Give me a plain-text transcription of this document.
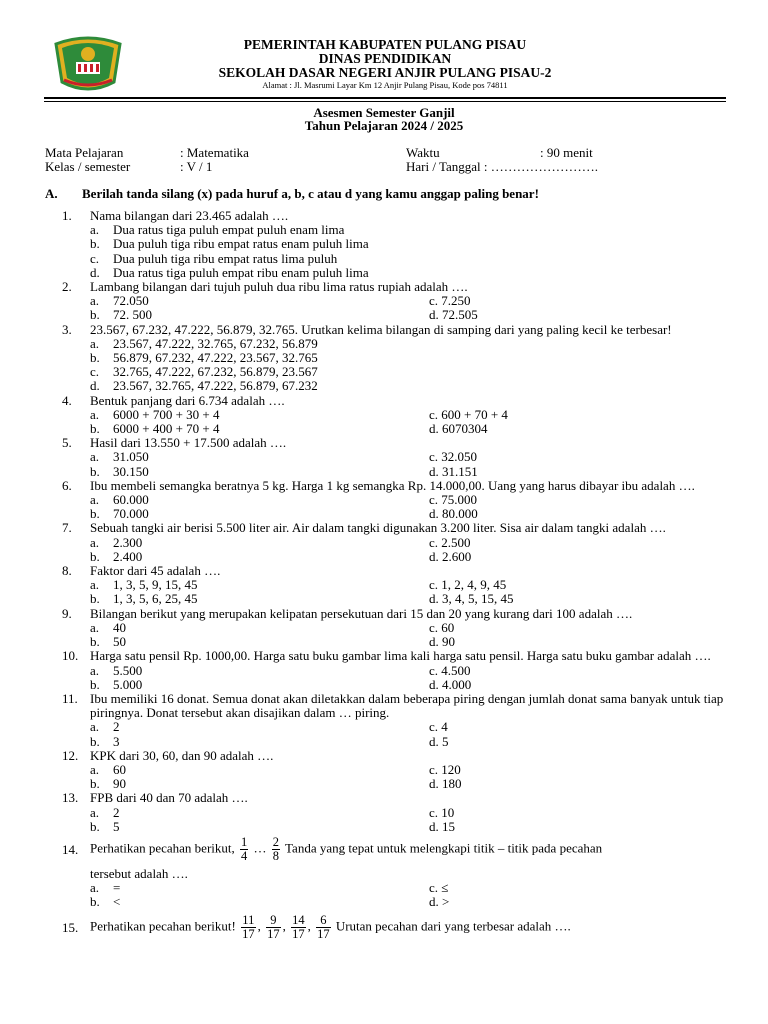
PEMERINTAH KABUPATEN PULANG PISAU
DINAS PENDIDIKAN
SEKOLAH DASAR NEGERI ANJIR PULANG PISAU-2
Alamat : Jl. Masrumi Layar Km 12 Anjir Pulang Pisau, Kode pos 74811
Asesmen Semester Ganjil
Tahun Pelajaran 2024 / 2025
Mata Pelajaran	: Matematika
Kelas / semester	: V / 1
Waktu	: 90 menit
Hari / Tanggal : …………………….
A. Berilah tanda silang (x) pada huruf a, b, c atau d yang kamu anggap paling benar!
1. Nama bilangan dari 23.465 adalah ….
a. Dua ratus tiga puluh empat puluh enam lima
b. Dua puluh tiga ribu empat ratus enam puluh lima
c. Dua puluh tiga ribu empat ratus lima puluh
d. Dua ratus tiga puluh empat ribu enam puluh lima
2. Lambang bilangan dari tujuh puluh dua ribu lima ratus rupiah adalah ….
a. 72.050	c. 7.250
b. 72. 500	d. 72.505
3. 23.567, 67.232, 47.222, 56.879, 32.765. Urutkan kelima bilangan di samping dari yang paling kecil ke terbesar!
a. 23.567, 47.222, 32.765, 67.232, 56.879
b. 56.879, 67.232, 47.222, 23.567, 32.765
c. 32.765, 47.222, 67.232, 56.879, 23.567
d. 23.567, 32.765, 47.222, 56.879, 67.232
4. Bentuk panjang dari 6.734 adalah ….
a. 6000 + 700 + 30 + 4	c. 600 + 70 + 4
b. 6000 + 400 + 70 + 4	d. 6070304
5. Hasil dari 13.550 + 17.500 adalah ….
a. 31.050	c. 32.050
b. 30.150	d. 31.151
6. Ibu membeli semangka beratnya 5 kg. Harga 1 kg semangka Rp. 14.000,00. Uang yang harus dibayar ibu adalah ….
a. 60.000	c. 75.000
b. 70.000	d. 80.000
7. Sebuah tangki air berisi 5.500 liter air. Air dalam tangki digunakan 3.200 liter. Sisa air dalam tangki adalah ….
a. 2.300	c. 2.500
b. 2.400	d. 2.600
8. Faktor dari 45 adalah ….
a. 1, 3, 5, 9, 15, 45	c. 1, 2, 4, 9, 45
b. 1, 3, 5, 6, 25, 45	d. 3, 4, 5, 15, 45
9. Bilangan berikut yang merupakan kelipatan persekutuan dari 15 dan 20 yang kurang dari 100 adalah ….
a. 40	c. 60
b. 50	d. 90
10. Harga satu pensil Rp. 1000,00. Harga satu buku gambar lima kali harga satu pensil. Harga satu buku gambar adalah ….
a. 5.500	c. 4.500
b. 5.000	d. 4.000
11. Ibu memiliki 16 donat. Semua donat akan diletakkan dalam beberapa piring dengan jumlah donat sama banyak untuk tiap piringnya. Donat tersebut akan disajikan dalam … piring.
a. 2	c. 4
b. 3	d. 5
12. KPK dari 30, 60, dan 90 adalah ….
a. 60	c. 120
b. 90	d. 180
13. FPB dari 40 dan 70 adalah ….
a. 2	c. 10
b. 5	d. 15
14. Perhatikan pecahan berikut, $\frac{1}{4}$ … $\frac{2}{8}$ Tanda yang tepat untuk melengkapi titik – titik pada pecahan
tersebut adalah ….
a. =	c. ≤
b. <	d. >
15. Perhatikan pecahan berikut! $\frac{11}{17}$ , $\frac{9}{17}$ , $\frac{14}{17}$ , $\frac{6}{17}$ Urutan pecahan dari yang terbesar adalah ….
